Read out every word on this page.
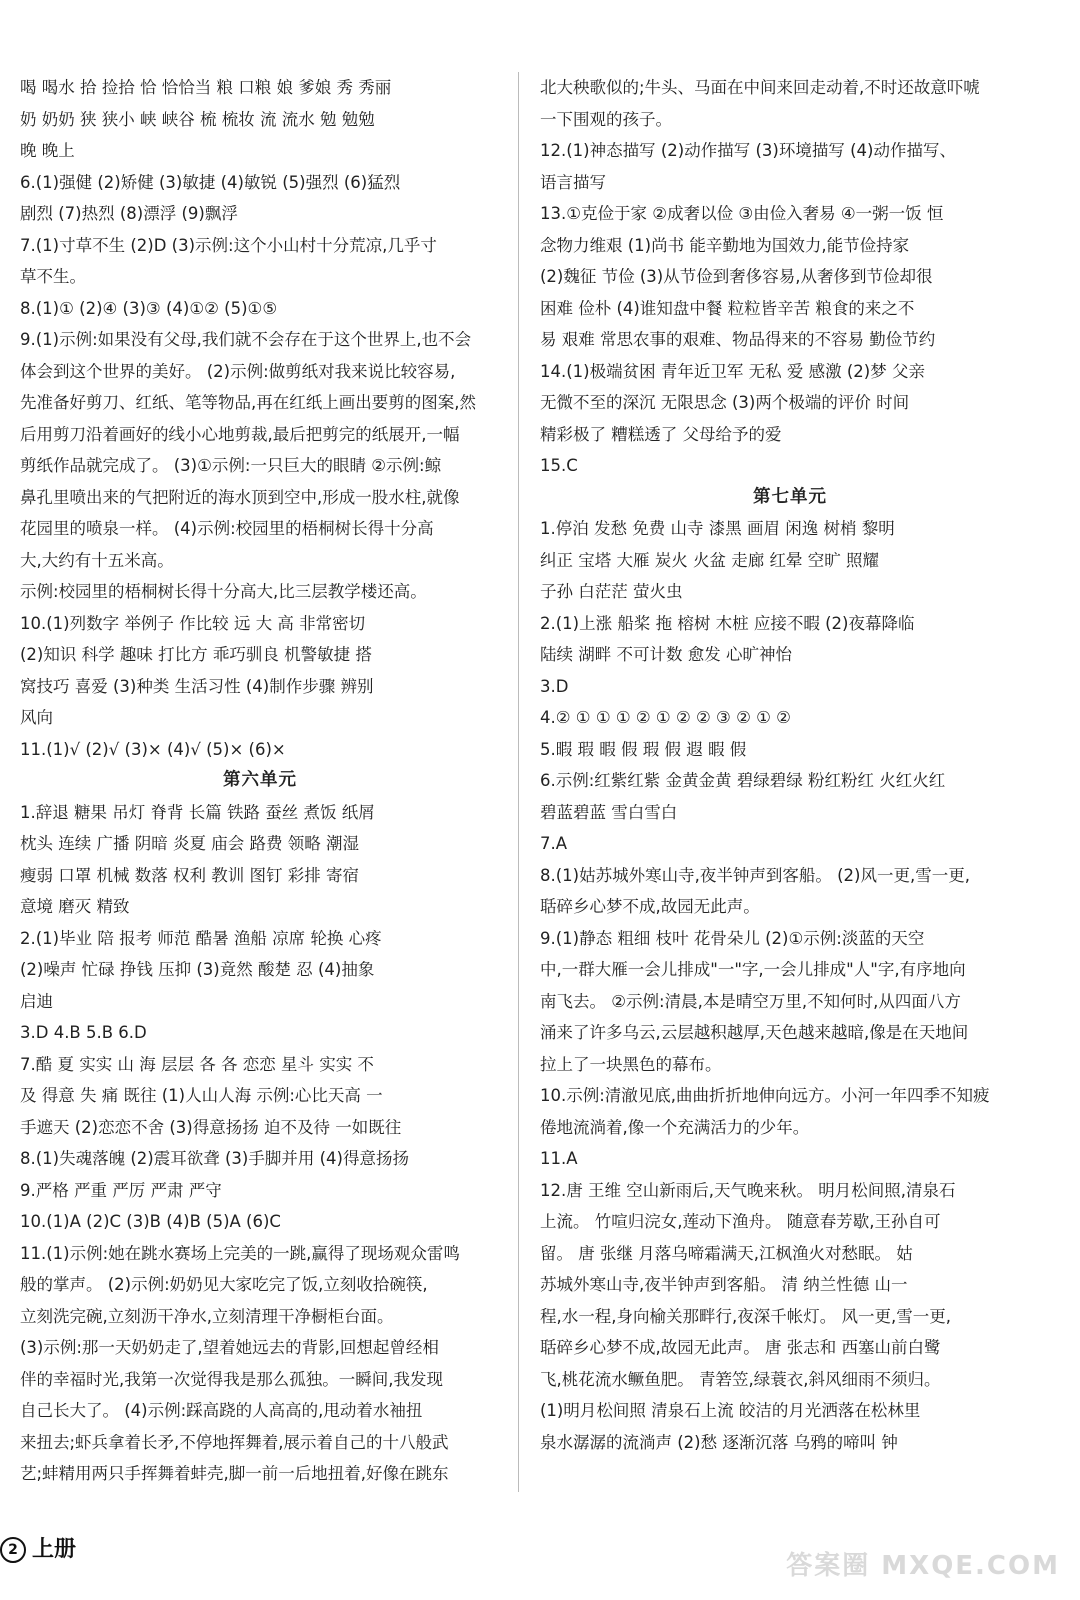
喝 喝水 拾 捡拾 恰 恰恰当 粮 口粮 娘 爹娘 秀 秀丽
奶 奶奶 狭 狭小 峡 峡谷 梳 梳妆 流 流水 勉 勉勉
晚 晚上
6.(1)强健 (2)矫健 (3)敏捷 (4)敏锐 (5)强烈 (6)猛烈
剧烈 (7)热烈 (8)漂浮 (9)飘浮
7.(1)寸草不生 (2)D (3)示例:这个小山村十分荒凉,几乎寸
草不生。
8.(1)① (2)④ (3)③ (4)①② (5)①⑤
9.(1)示例:如果没有父母,我们就不会存在于这个世界上,也不会
体会到这个世界的美好。 (2)示例:做剪纸对我来说比较容易,
先准备好剪刀、红纸、笔等物品,再在红纸上画出要剪的图案,然
后用剪刀沿着画好的线小心地剪裁,最后把剪完的纸展开,一幅
剪纸作品就完成了。 (3)①示例:一只巨大的眼睛 ②示例:鲸
鼻孔里喷出来的气把附近的海水顶到空中,形成一股水柱,就像
花园里的喷泉一样。 (4)示例:校园里的梧桐树长得十分高
大,大约有十五米高。
示例:校园里的梧桐树长得十分高大,比三层教学楼还高。
10.(1)列数字 举例子 作比较 远 大 高 非常密切
(2)知识 科学 趣味 打比方 乖巧驯良 机警敏捷 搭
窝技巧 喜爱 (3)种类 生活习性 (4)制作步骤 辨别
风向
11.(1)√ (2)√ (3)× (4)√ (5)× (6)×
第六单元
1.辞退 糖果 吊灯 脊背 长篇 铁路 蚕丝 煮饭 纸屑
枕头 连续 广播 阴暗 炎夏 庙会 路费 领略 潮湿
瘦弱 口罩 机械 数落 权利 教训 图钉 彩排 寄宿
意境 磨灭 精致
2.(1)毕业 陪 报考 师范 酷暑 渔船 凉席 轮换 心疼
(2)噪声 忙碌 挣钱 压抑 (3)竟然 酸楚 忍 (4)抽象
启迪
3.D 4.B 5.B 6.D
7.酷 夏 实实 山 海 层层 各 各 恋恋 星斗 实实 不
及 得意 失 痛 既往 (1)人山人海 示例:心比天高 一
手遮天 (2)恋恋不舍 (3)得意扬扬 迫不及待 一如既往
8.(1)失魂落魄 (2)震耳欲聋 (3)手脚并用 (4)得意扬扬
9.严格 严重 严厉 严肃 严守
10.(1)A (2)C (3)B (4)B (5)A (6)C
11.(1)示例:她在跳水赛场上完美的一跳,赢得了现场观众雷鸣
般的掌声。 (2)示例:奶奶见大家吃完了饭,立刻收拾碗筷,
立刻洗完碗,立刻沥干净水,立刻清理干净橱柜台面。
(3)示例:那一天奶奶走了,望着她远去的背影,回想起曾经相
伴的幸福时光,我第一次觉得我是那么孤独。一瞬间,我发现
自己长大了。 (4)示例:踩高跷的人高高的,甩动着水袖扭
来扭去;虾兵拿着长矛,不停地挥舞着,展示着自己的十八般武
艺;蚌精用两只手挥舞着蚌壳,脚一前一后地扭着,好像在跳东
北大秧歌似的;牛头、马面在中间来回走动着,不时还故意吓唬
一下围观的孩子。
12.(1)神态描写 (2)动作描写 (3)环境描写 (4)动作描写、
语言描写
13.①克俭于家 ②成奢以俭 ③由俭入奢易 ④一粥一饭 恒
念物力维艰 (1)尚书 能辛勤地为国效力,能节俭持家
(2)魏征 节俭 (3)从节俭到奢侈容易,从奢侈到节俭却很
困难 俭朴 (4)谁知盘中餐 粒粒皆辛苦 粮食的来之不
易 艰难 常思农事的艰难、物品得来的不容易 勤俭节约
14.(1)极端贫困 青年近卫军 无私 爱 感激 (2)梦 父亲
无微不至的深沉 无限思念 (3)两个极端的评价 时间
精彩极了 糟糕透了 父母给予的爱
15.C
第七单元
1.停泊 发愁 免费 山寺 漆黑 画眉 闲逸 树梢 黎明
纠正 宝塔 大雁 炭火 火盆 走廊 红晕 空旷 照耀
子孙 白茫茫 萤火虫
2.(1)上涨 船桨 拖 榕树 木桩 应接不暇 (2)夜幕降临
陆续 湖畔 不可计数 愈发 心旷神怡
3.D
4.② ① ① ① ② ① ② ② ③ ② ① ②
5.暇 瑕 暇 假 瑕 假 遐 暇 假
6.示例:红紫红紫 金黄金黄 碧绿碧绿 粉红粉红 火红火红
碧蓝碧蓝 雪白雪白
7.A
8.(1)姑苏城外寒山寺,夜半钟声到客船。 (2)风一更,雪一更,
聒碎乡心梦不成,故园无此声。
9.(1)静态 粗细 枝叶 花骨朵儿 (2)①示例:淡蓝的天空
中,一群大雁一会儿排成"一"字,一会儿排成"人"字,有序地向
南飞去。 ②示例:清晨,本是晴空万里,不知何时,从四面八方
涌来了许多乌云,云层越积越厚,天色越来越暗,像是在天地间
拉上了一块黑色的幕布。
10.示例:清澈见底,曲曲折折地伸向远方。小河一年四季不知疲
倦地流淌着,像一个充满活力的少年。
11.A
12.唐 王维 空山新雨后,天气晚来秋。 明月松间照,清泉石
上流。 竹喧归浣女,莲动下渔舟。 随意春芳歇,王孙自可
留。 唐 张继 月落乌啼霜满天,江枫渔火对愁眠。 姑
苏城外寒山寺,夜半钟声到客船。 清 纳兰性德 山一
程,水一程,身向榆关那畔行,夜深千帐灯。 风一更,雪一更,
聒碎乡心梦不成,故园无此声。 唐 张志和 西塞山前白鹭
飞,桃花流水鳜鱼肥。 青箬笠,绿蓑衣,斜风细雨不须归。
(1)明月松间照 清泉石上流 皎洁的月光洒落在松林里
泉水潺潺的流淌声 (2)愁 逐渐沉落 乌鸦的啼叫 钟
2 上册
答案圈 MXQE.COM
